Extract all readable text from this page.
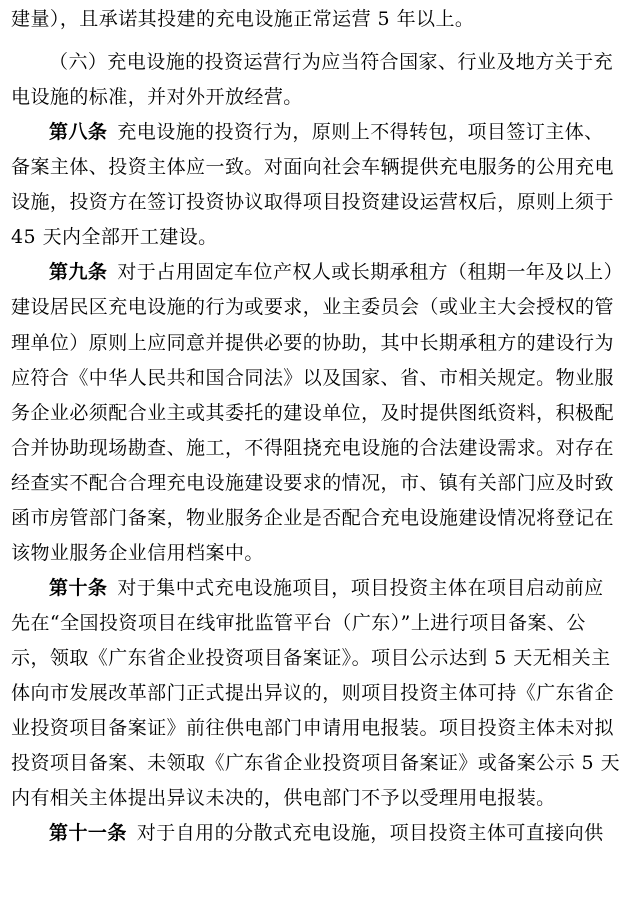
建量），且承诺其投建的充电设施正常运营 5 年以上。
（六）充电设施的投资运营行为应当符合国家、行业及地方关于充
电设施的标准，并对外开放经营。
第八条 充电设施的投资行为，原则上不得转包，项目签订主体、
备案主体、投资主体应一致。对面向社会车辆提供充电服务的公用充电
设施，投资方在签订投资协议取得项目投资建设运营权后，原则上须于
45 天内全部开工建设。
第九条 对于占用固定车位产权人或长期承租方（租期一年及以上）
建设居民区充电设施的行为或要求，业主委员会（或业主大会授权的管
理单位）原则上应同意并提供必要的协助，其中长期承租方的建设行为
应符合《中华人民共和国合同法》以及国家、省、市相关规定。物业服
务企业必须配合业主或其委托的建设单位，及时提供图纸资料，积极配
合并协助现场勘查、施工，不得阻挠充电设施的合法建设需求。对存在
经查实不配合合理充电设施建设要求的情况，市、镇有关部门应及时致
函市房管部门备案，物业服务企业是否配合充电设施建设情况将登记在
该物业服务企业信用档案中。
第十条 对于集中式充电设施项目，项目投资主体在项目启动前应
先在“全国投资项目在线审批监管平台（广东）”上进行项目备案、公
示，领取《广东省企业投资项目备案证》。项目公示达到 5 天无相关主
体向市发展改革部门正式提出异议的，则项目投资主体可持《广东省企
业投资项目备案证》前往供电部门申请用电报装。项目投资主体未对拟
投资项目备案、未领取《广东省企业投资项目备案证》或备案公示 5 天
内有相关主体提出异议未决的，供电部门不予以受理用电报装。
第十一条 对于自用的分散式充电设施，项目投资主体可直接向供
